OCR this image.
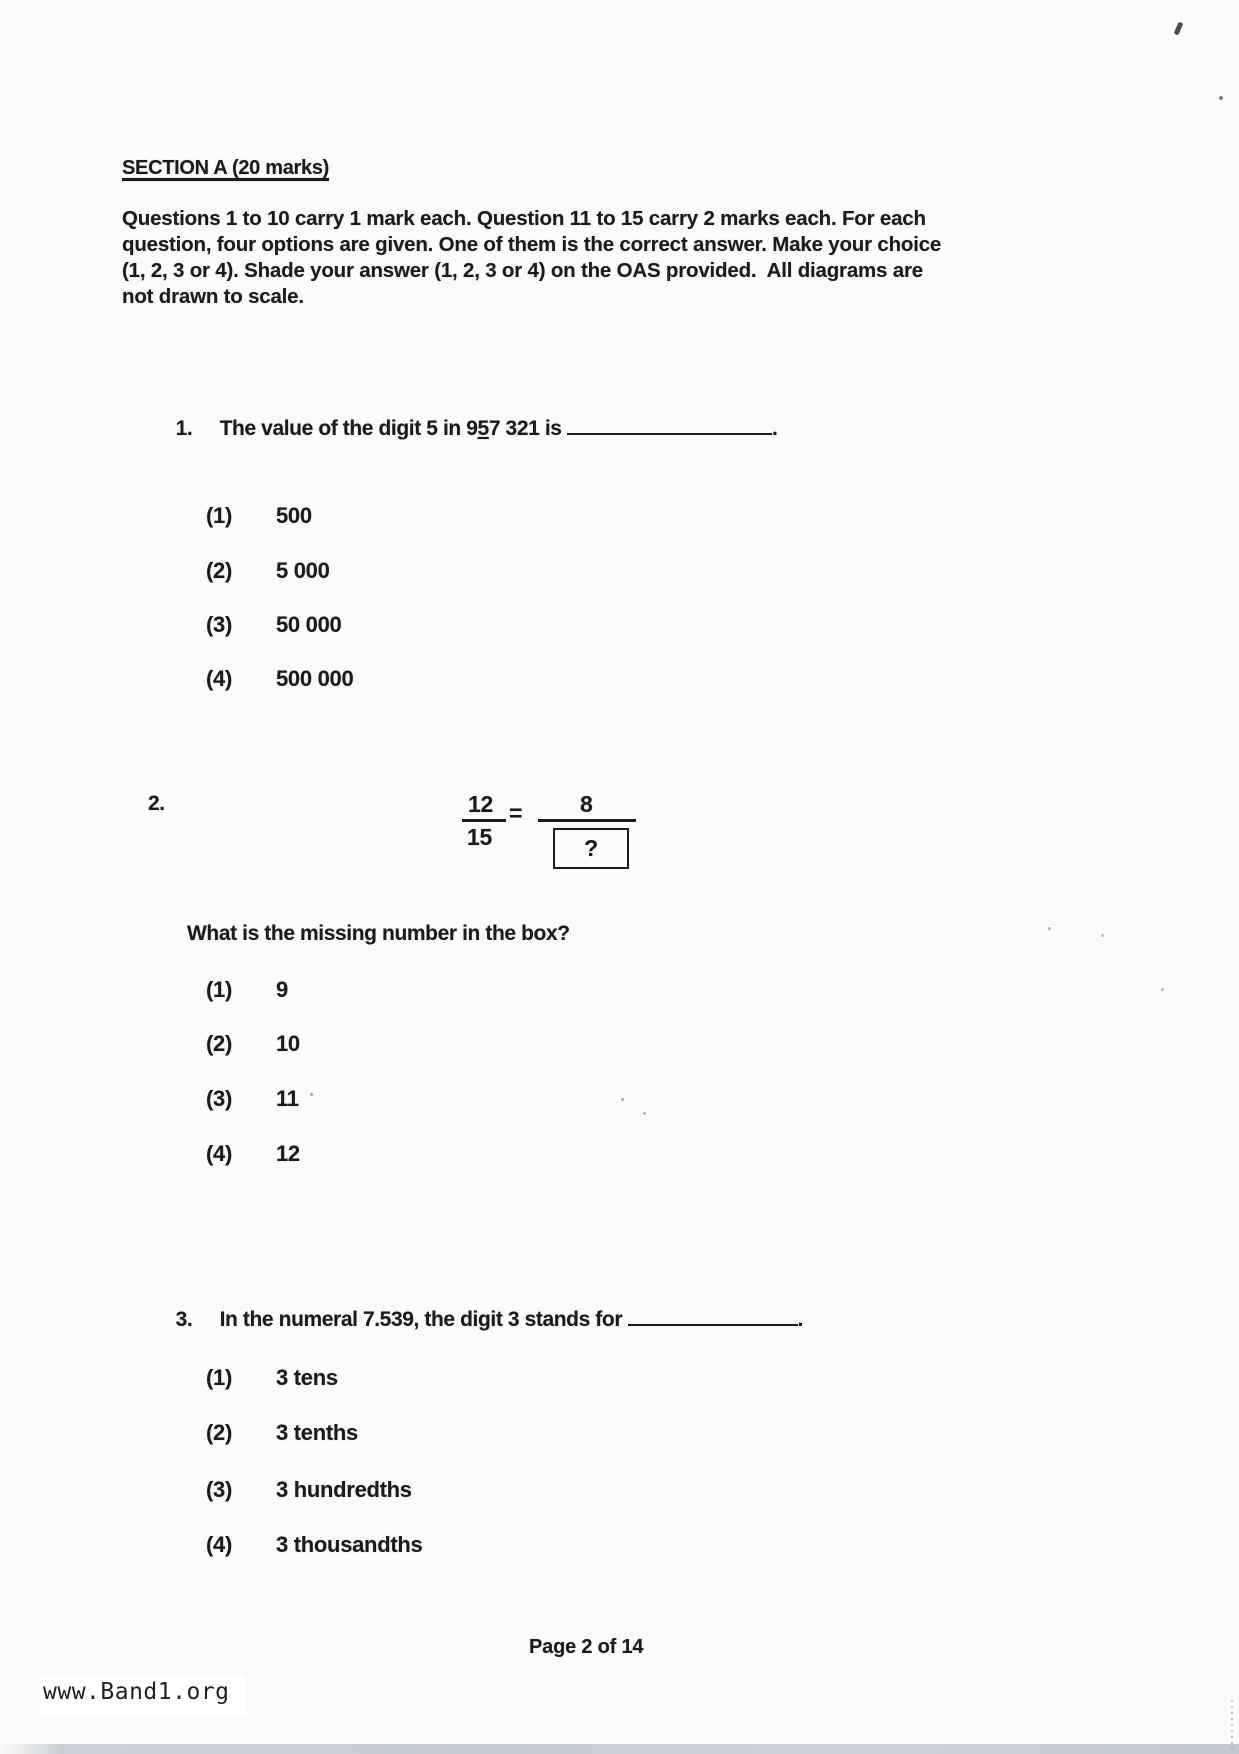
SECTION A (20 marks)
Questions 1 to 10 carry 1 mark each. Question 11 to 15 carry 2 marks each. For each
question, four options are given. One of them is the correct answer. Make your choice
(1, 2, 3 or 4). Shade your answer (1, 2, 3 or 4) on the OAS provided.  All diagrams are
not drawn to scale.

1. The value of the digit 5 in 957 321 is	.

(1) 500
(2) 5 000
(3) 50 000
(4) 500 000
2.	12
15
=	8
?
What is the missing number in the box?
(1) 9
(2) 10
(3) 11
(4) 12

3. In the numeral 7.539, the digit 3 stands for	.

(1) 3 tens
(2) 3 tenths
(3) 3 hundredths
(4) 3 thousandths
Page 2 of 14
www.Band1.org
